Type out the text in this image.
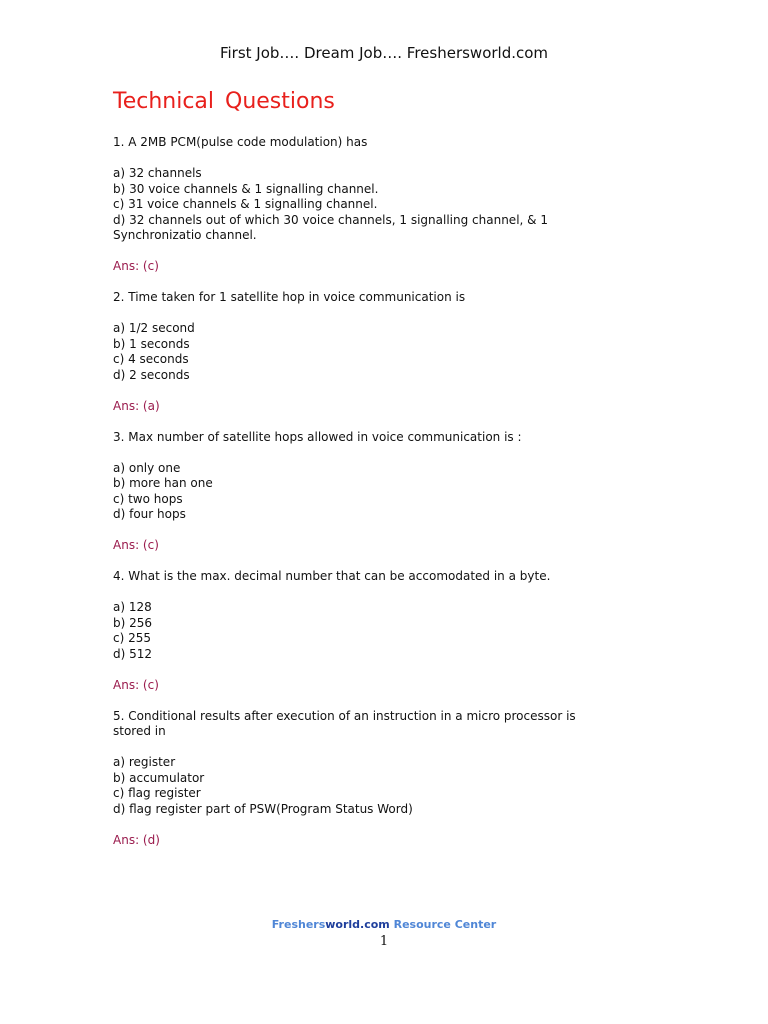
First Job…. Dream Job…. Freshersworld.com
Technical Questions
1. A 2MB PCM(pulse code modulation) has
a) 32 channels
b) 30 voice channels & 1 signalling channel.
c) 31 voice channels & 1 signalling channel.
d) 32 channels out of which 30 voice channels, 1 signalling channel, & 1 Synchronizatio channel.
Ans: (c)
2. Time taken for 1 satellite hop in voice communication is
a) 1/2 second
b) 1 seconds
c) 4 seconds
d) 2 seconds
Ans: (a)
3. Max number of satellite hops allowed in voice communication is :
a) only one
b) more han one
c) two hops
d) four hops
Ans: (c)
4. What is the max. decimal number that can be accomodated in a byte.
a) 128
b) 256
c) 255
d) 512
Ans: (c)
5. Conditional results after execution of an instruction in a micro processor is stored in
a) register
b) accumulator
c) flag register
d) flag register part of PSW(Program Status Word)
Ans: (d)
Freshersworld.com Resource Center
1
